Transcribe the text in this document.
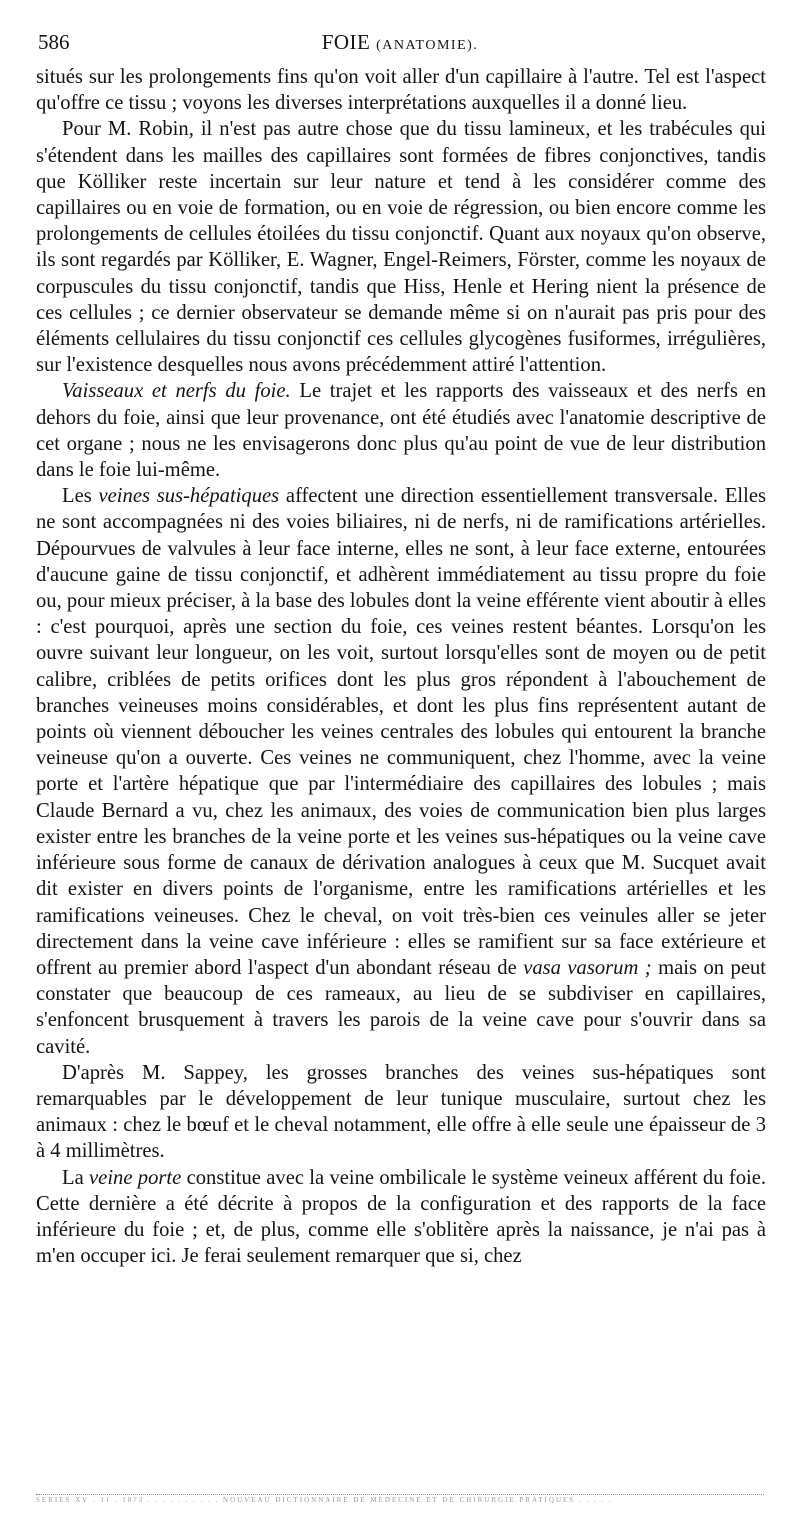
586	FOIE (ANATOMIE).

situés sur les prolongements fins qu'on voit aller d'un capillaire à l'autre. Tel est l'aspect qu'offre ce tissu ; voyons les diverses interprétations auxquelles il a donné lieu.

Pour M. Robin, il n'est pas autre chose que du tissu lamineux, et les trabécules qui s'étendent dans les mailles des capillaires sont formées de fibres conjonctives, tandis que Kölliker reste incertain sur leur nature et tend à les considérer comme des capillaires ou en voie de formation, ou en voie de régression, ou bien encore comme les prolongements de cellules étoilées du tissu conjonctif. Quant aux noyaux qu'on observe, ils sont regardés par Kölliker, E. Wagner, Engel-Reimers, Förster, comme les noyaux de corpuscules du tissu conjonctif, tandis que Hiss, Henle et Hering nient la présence de ces cellules ; ce dernier observateur se demande même si on n'aurait pas pris pour des éléments cellulaires du tissu conjonctif ces cellules glycogènes fusiformes, irrégulières, sur l'existence desquelles nous avons précédemment attiré l'attention.

Vaisseaux et nerfs du foie. Le trajet et les rapports des vaisseaux et des nerfs en dehors du foie, ainsi que leur provenance, ont été étudiés avec l'anatomie descriptive de cet organe ; nous ne les envisagerons donc plus qu'au point de vue de leur distribution dans le foie lui-même.

Les veines sus-hépatiques affectent une direction essentiellement transversale. Elles ne sont accompagnées ni des voies biliaires, ni de nerfs, ni de ramifications artérielles. Dépourvues de valvules à leur face interne, elles ne sont, à leur face externe, entourées d'aucune gaine de tissu conjonctif, et adhèrent immédiatement au tissu propre du foie ou, pour mieux préciser, à la base des lobules dont la veine efférente vient aboutir à elles : c'est pourquoi, après une section du foie, ces veines restent béantes. Lorsqu'on les ouvre suivant leur longueur, on les voit, surtout lorsqu'elles sont de moyen ou de petit calibre, criblées de petits orifices dont les plus gros répondent à l'abouchement de branches veineuses moins considérables, et dont les plus fins représentent autant de points où viennent déboucher les veines centrales des lobules qui entourent la branche veineuse qu'on a ouverte. Ces veines ne communiquent, chez l'homme, avec la veine porte et l'artère hépatique que par l'intermédiaire des capillaires des lobules ; mais Claude Bernard a vu, chez les animaux, des voies de communication bien plus larges exister entre les branches de la veine porte et les veines sus-hépatiques ou la veine cave inférieure sous forme de canaux de dérivation analogues à ceux que M. Sucquet avait dit exister en divers points de l'organisme, entre les ramifications artérielles et les ramifications veineuses. Chez le cheval, on voit très-bien ces veinules aller se jeter directement dans la veine cave inférieure : elles se ramifient sur sa face extérieure et offrent au premier abord l'aspect d'un abondant réseau de vasa vasorum ; mais on peut constater que beaucoup de ces rameaux, au lieu de se subdiviser en capillaires, s'enfoncent brusquement à travers les parois de la veine cave pour s'ouvrir dans sa cavité.

D'après M. Sappey, les grosses branches des veines sus-hépatiques sont remarquables par le développement de leur tunique musculaire, surtout chez les animaux : chez le bœuf et le cheval notamment, elle offre à elle seule une épaisseur de 3 à 4 millimètres.

La veine porte constitue avec la veine ombilicale le système veineux afférent du foie. Cette dernière a été décrite à propos de la configuration et des rapports de la face inférieure du foie ; et, de plus, comme elle s'oblitère après la naissance, je n'ai pas à m'en occuper ici. Je ferai seulement remarquer que si, chez

SERIES XV . 11 . 1873 . . . . . . . . . . NOUVEAU DICTIONNAIRE DE MÉDECINE ET DE CHIRURGIE PRATIQUES . . . . .
